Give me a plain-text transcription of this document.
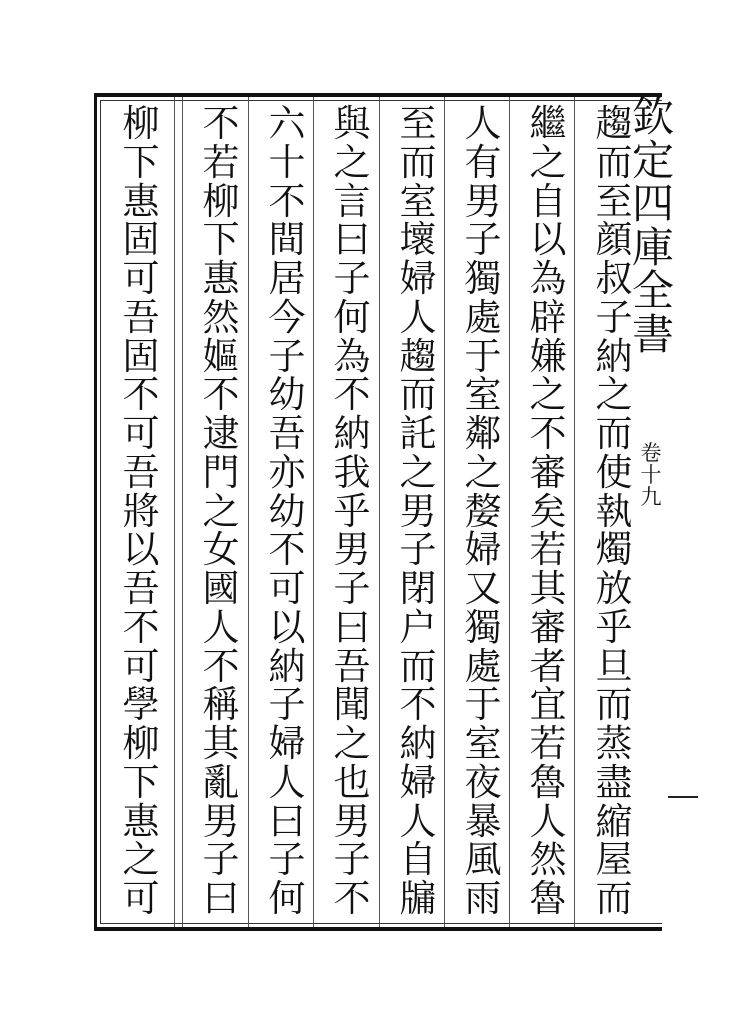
欽
定
四
庫
全
書
卷
十
九
趨
而
至
顔
叔
子
納
之
而
使
執
燭
放
乎
旦
而
蒸
盡
縮
屋
而
繼
之
自
以
為
辟
嫌
之
不
審
矣
若
其
審
者
宜
若
魯
人
然
魯
人
有
男
子
獨
處
于
室
鄰
之
嫠
婦
又
獨
處
于
室
夜
暴
風
雨
至
而
室
壞
婦
人
趨
而
託
之
男
子
閉
户
而
不
納
婦
人
自
牖
與
之
言
曰
子
何
為
不
納
我
乎
男
子
曰
吾
聞
之
也
男
子
不
六
十
不
間
居
今
子
幼
吾
亦
幼
不
可
以
納
子
婦
人
曰
子
何
不
若
柳
下
惠
然
嫗
不
逮
門
之
女
國
人
不
稱
其
亂
男
子
曰
柳
下
惠
固
可
吾
固
不
可
吾
將
以
吾
不
可
學
柳
下
惠
之
可
